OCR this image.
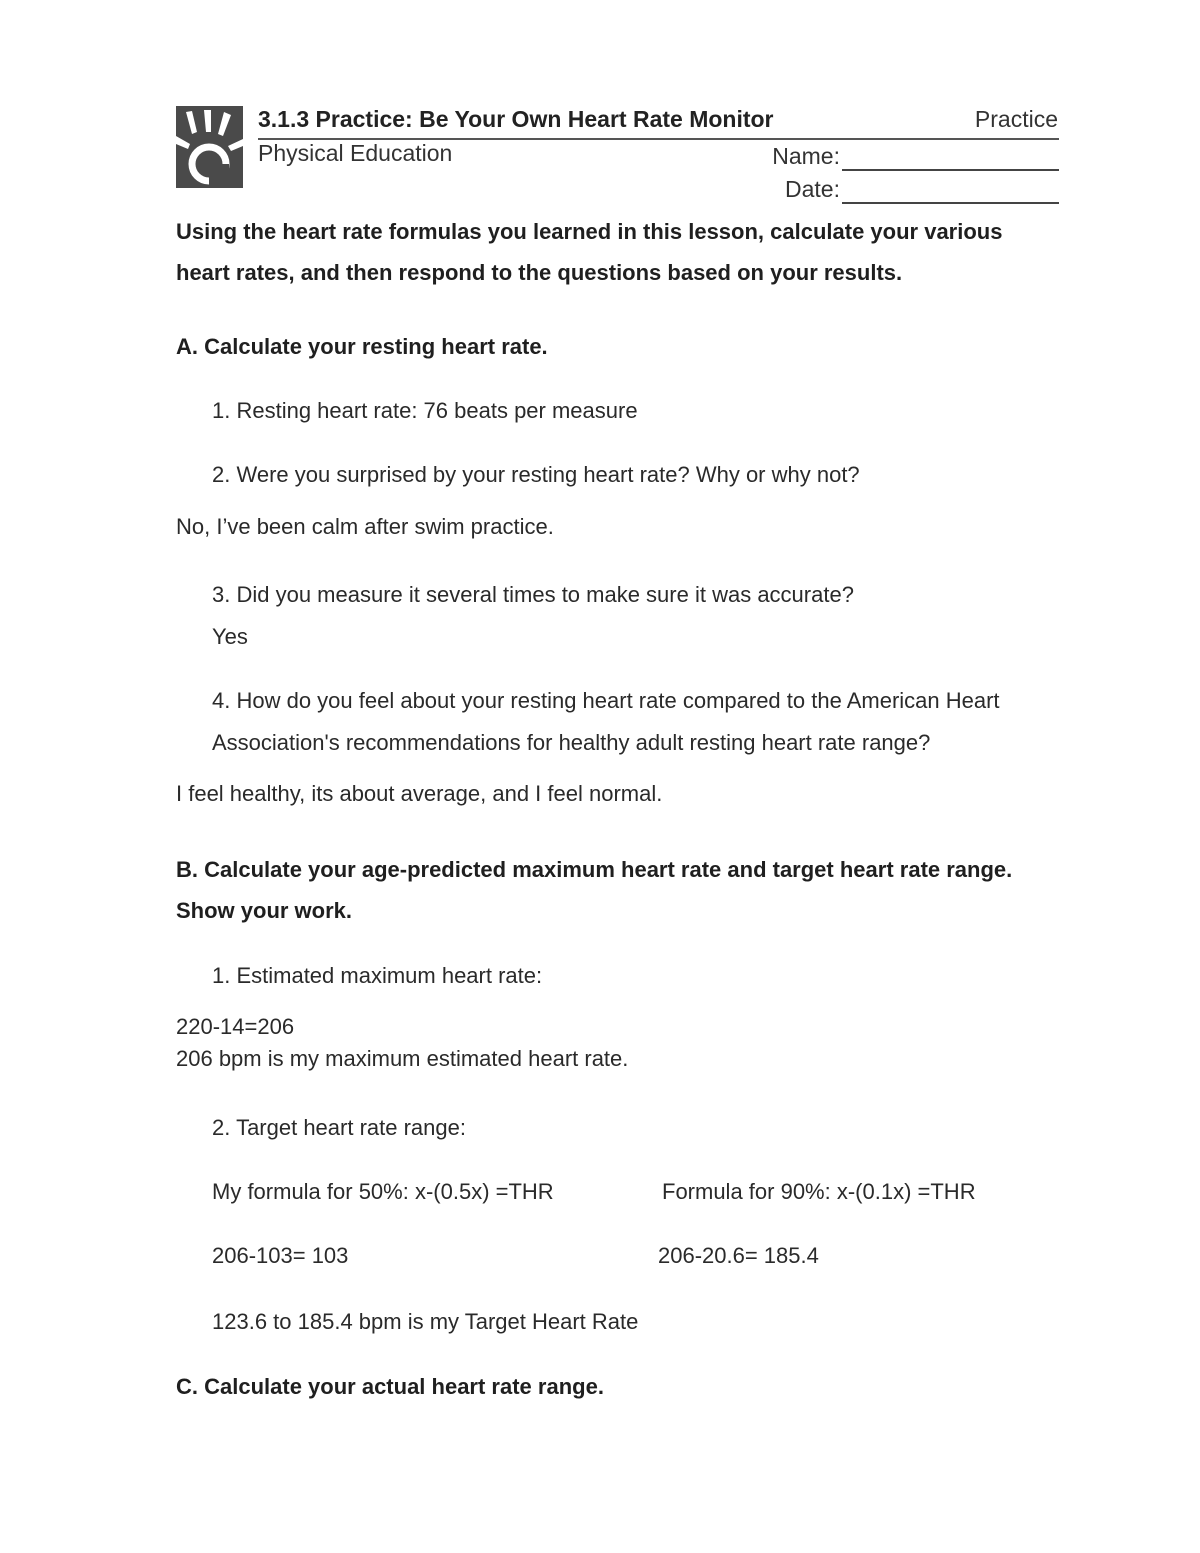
3.1.3 Practice: Be Your Own Heart Rate Monitor	Practice
Physical Education	Name:
Date:
Using the heart rate formulas you learned in this lesson, calculate your various
heart rates, and then respond to the questions based on your results.
A. Calculate your resting heart rate.
1. Resting heart rate: 76 beats per measure
2. Were you surprised by your resting heart rate? Why or why not?
No, I’ve been calm after swim practice.
3. Did you measure it several times to make sure it was accurate?
Yes
4. How do you feel about your resting heart rate compared to the American Heart
Association's recommendations for healthy adult resting heart rate range?
I feel healthy, its about average, and I feel normal.
B. Calculate your age-predicted maximum heart rate and target heart rate range.
Show your work.
1. Estimated maximum heart rate:
220-14=206
206 bpm is my maximum estimated heart rate.
2. Target heart rate range:
My formula for 50%: x-(0.5x) =THR	Formula for 90%: x-(0.1x) =THR
206-103= 103	206-20.6= 185.4
123.6 to 185.4 bpm is my Target Heart Rate
C. Calculate your actual heart rate range.
